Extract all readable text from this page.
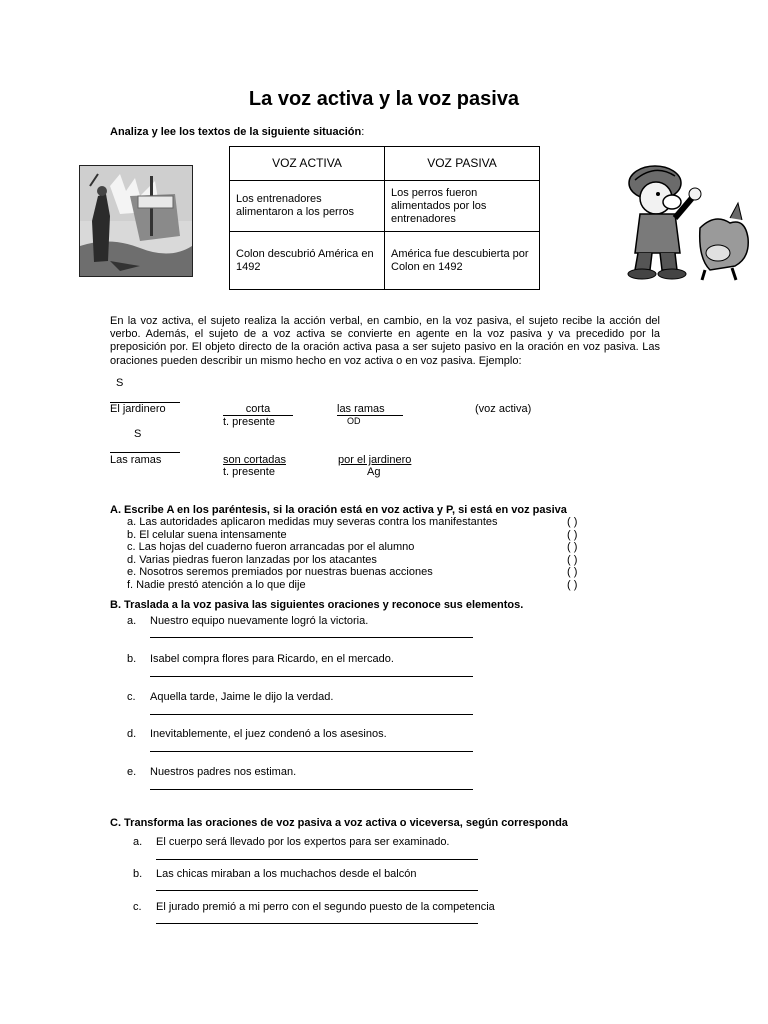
La voz activa y la voz pasiva
Analiza y lee los textos de la siguiente situación:
VOZ ACTIVA	VOZ PASIVA
Los entrenadores alimentaron a los perros	Los perros fueron alimentados por los entrenadores
Colon descubrió América en 1492	América fue descubierta por Colon en 1492
En la voz activa, el sujeto realiza la acción verbal, en cambio, en la voz pasiva, el sujeto recibe la acción del verbo. Además, el sujeto de a voz activa se convierte en agente en la voz pasiva y va precedido por la preposición por. El objeto directo de la oración activa pasa a ser sujeto pasivo en la oración en voz pasiva. Las oraciones pueden describir un mismo hecho en voz activa o en voz pasiva. Ejemplo:
S
El jardinero	corta
t. presente
las ramas
OD
(voz activa)
S
Las ramas	son cortadas
t. presente
por el jardinero
Ag
A. Escribe A en los paréntesis, si la oración está en voz activa y P, si está en voz pasiva
a. Las autoridades aplicaron medidas muy severas contra los manifestantes	( )
b. El celular suena intensamente	( )
c. Las hojas del cuaderno fueron arrancadas por el alumno	( )
d. Varias piedras fueron lanzadas por los atacantes	( )
e. Nosotros seremos premiados por nuestras buenas acciones	( )
f. Nadie prestó atención a lo que dije	( )
B. Traslada a la voz pasiva las siguientes oraciones y reconoce sus elementos.
a. Nuestro equipo nuevamente logró la victoria.
b. Isabel compra flores para Ricardo, en el mercado.
c. Aquella tarde, Jaime le dijo la verdad.
d. Inevitablemente, el juez condenó a los asesinos.
e. Nuestros padres nos estiman.
C. Transforma las oraciones de voz pasiva a voz activa o viceversa, según corresponda
a. El cuerpo será llevado por los expertos para ser examinado.
b. Las chicas miraban a los muchachos desde el balcón
c. El jurado premió a mi perro con el segundo puesto de la competencia
